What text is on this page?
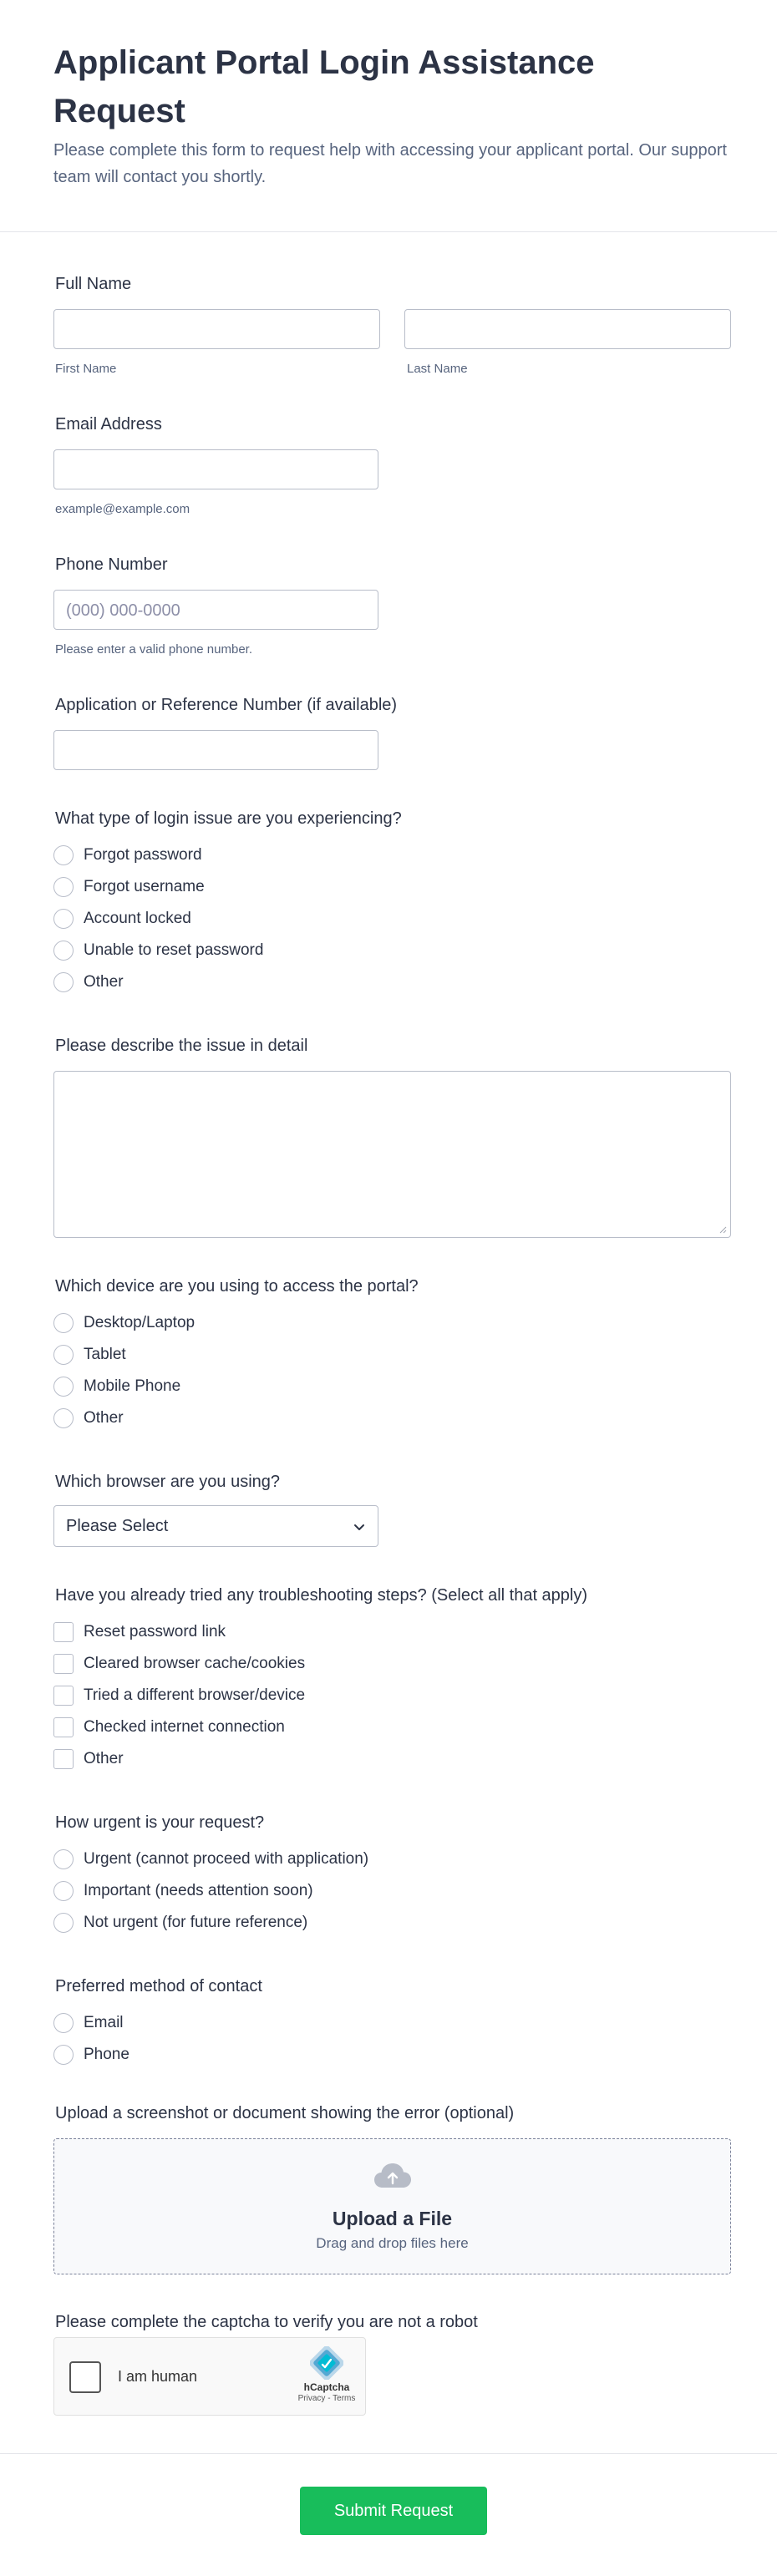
Applicant Portal Login Assistance Request

Please complete this form to request help with accessing your applicant portal. Our support team will contact you shortly.

Full Name
First Name	Last Name
Email Address
example@example.com
Phone Number
(000) 000-0000
Please enter a valid phone number.
Application or Reference Number (if available)
What type of login issue are you experiencing?
Forgot password
Forgot username
Account locked
Unable to reset password
Other
Please describe the issue in detail
Which device are you using to access the portal?
Desktop/Laptop
Tablet
Mobile Phone
Other
Which browser are you using?
Please Select
Have you already tried any troubleshooting steps? (Select all that apply)
Reset password link
Cleared browser cache/cookies
Tried a different browser/device
Checked internet connection
Other
How urgent is your request?
Urgent (cannot proceed with application)
Important (needs attention soon)
Not urgent (for future reference)
Preferred method of contact
Email
Phone
Upload a screenshot or document showing the error (optional)
Upload a File
Drag and drop files here
Please complete the captcha to verify you are not a robot
I am human
hCaptcha
Privacy - Terms
Submit Request
